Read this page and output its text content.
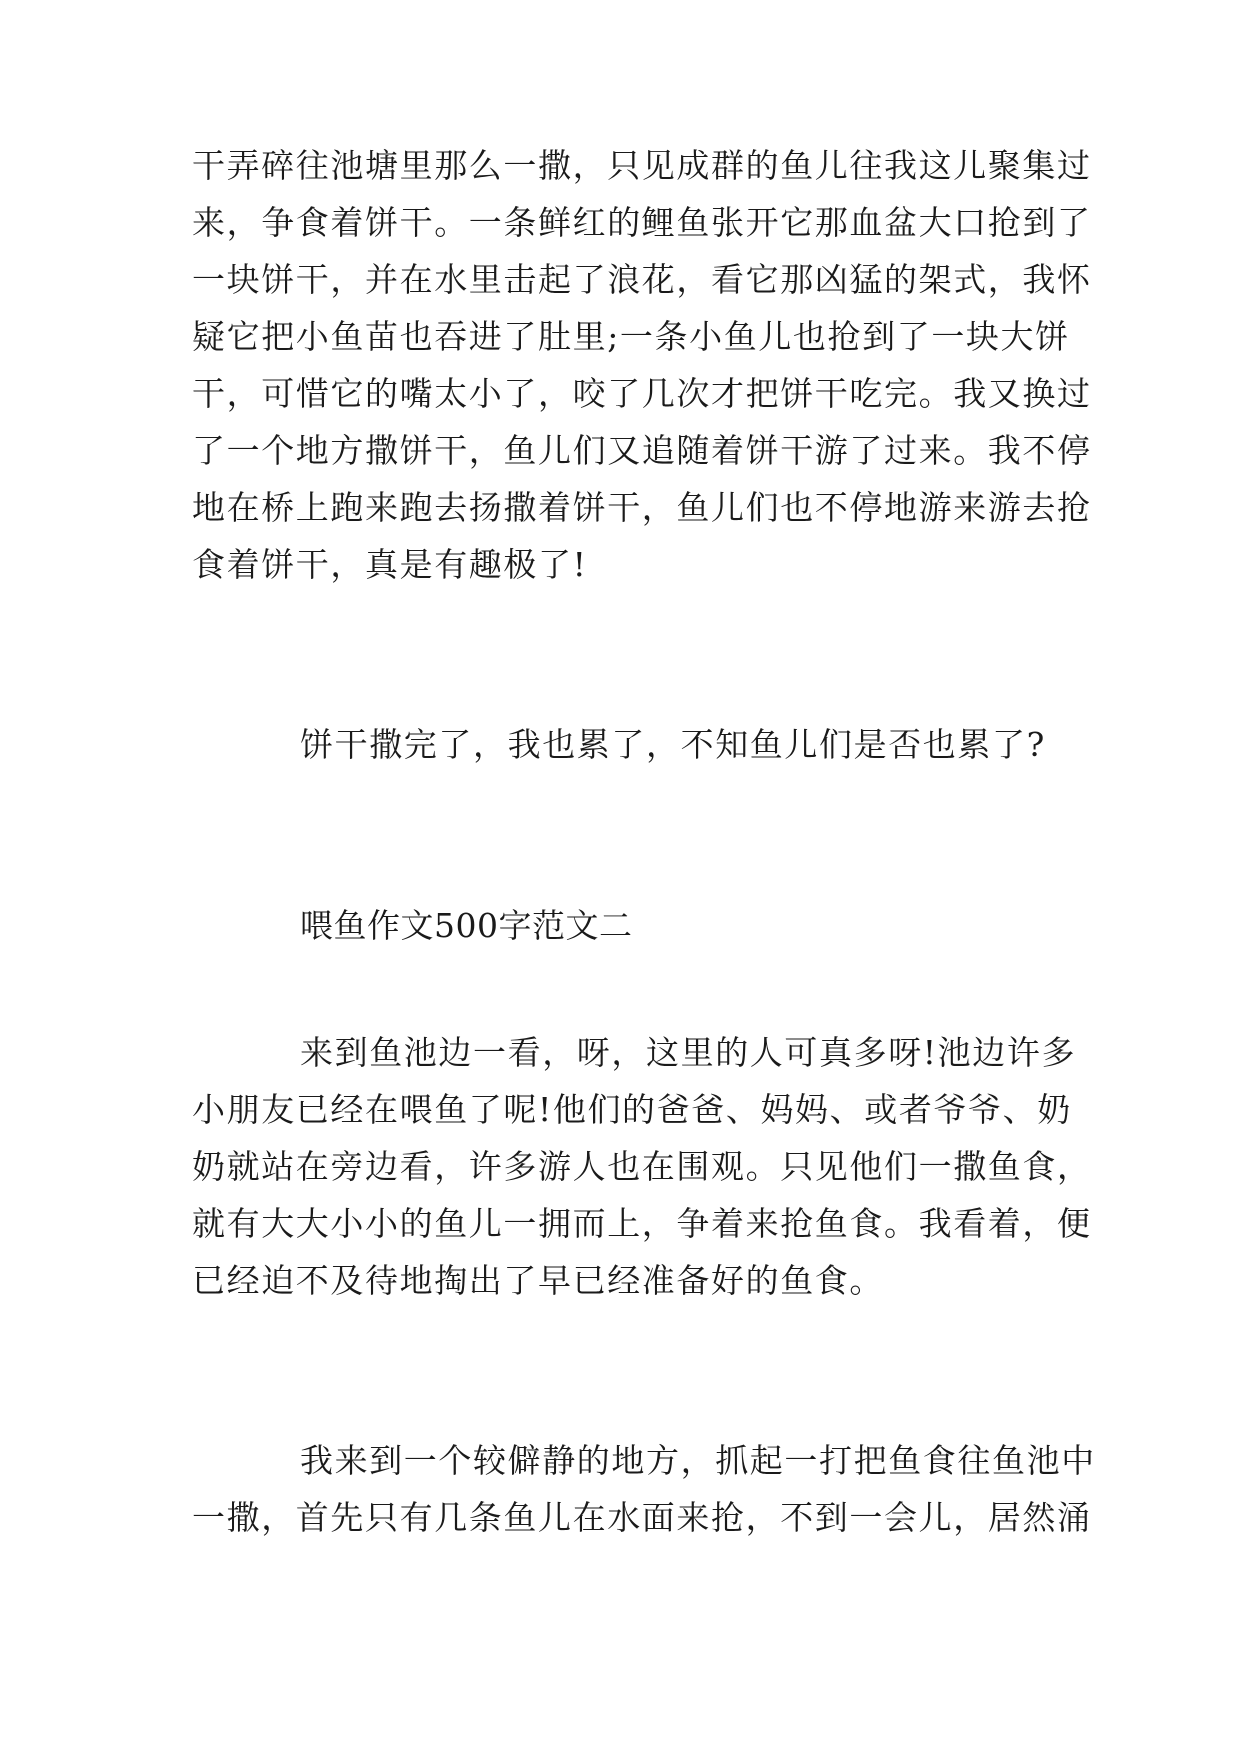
干弄碎往池塘里那么一撒，只见成群的鱼儿往我这儿聚集过
来，争食着饼干。一条鲜红的鲤鱼张开它那血盆大口抢到了
一块饼干，并在水里击起了浪花，看它那凶猛的架式，我怀
疑它把小鱼苗也吞进了肚里;一条小鱼儿也抢到了一块大饼
干，可惜它的嘴太小了，咬了几次才把饼干吃完。我又换过
了一个地方撒饼干，鱼儿们又追随着饼干游了过来。我不停
地在桥上跑来跑去扬撒着饼干，鱼儿们也不停地游来游去抢
食着饼干，真是有趣极了!
饼干撒完了，我也累了，不知鱼儿们是否也累了?
喂鱼作文500字范文二
来到鱼池边一看，呀，这里的人可真多呀!池边许多
小朋友已经在喂鱼了呢!他们的爸爸、妈妈、或者爷爷、奶
奶就站在旁边看，许多游人也在围观。只见他们一撒鱼食，
就有大大小小的鱼儿一拥而上，争着来抢鱼食。我看着，便
已经迫不及待地掏出了早已经准备好的鱼食。
我来到一个较僻静的地方，抓起一打把鱼食往鱼池中
一撒，首先只有几条鱼儿在水面来抢，不到一会儿，居然涌
